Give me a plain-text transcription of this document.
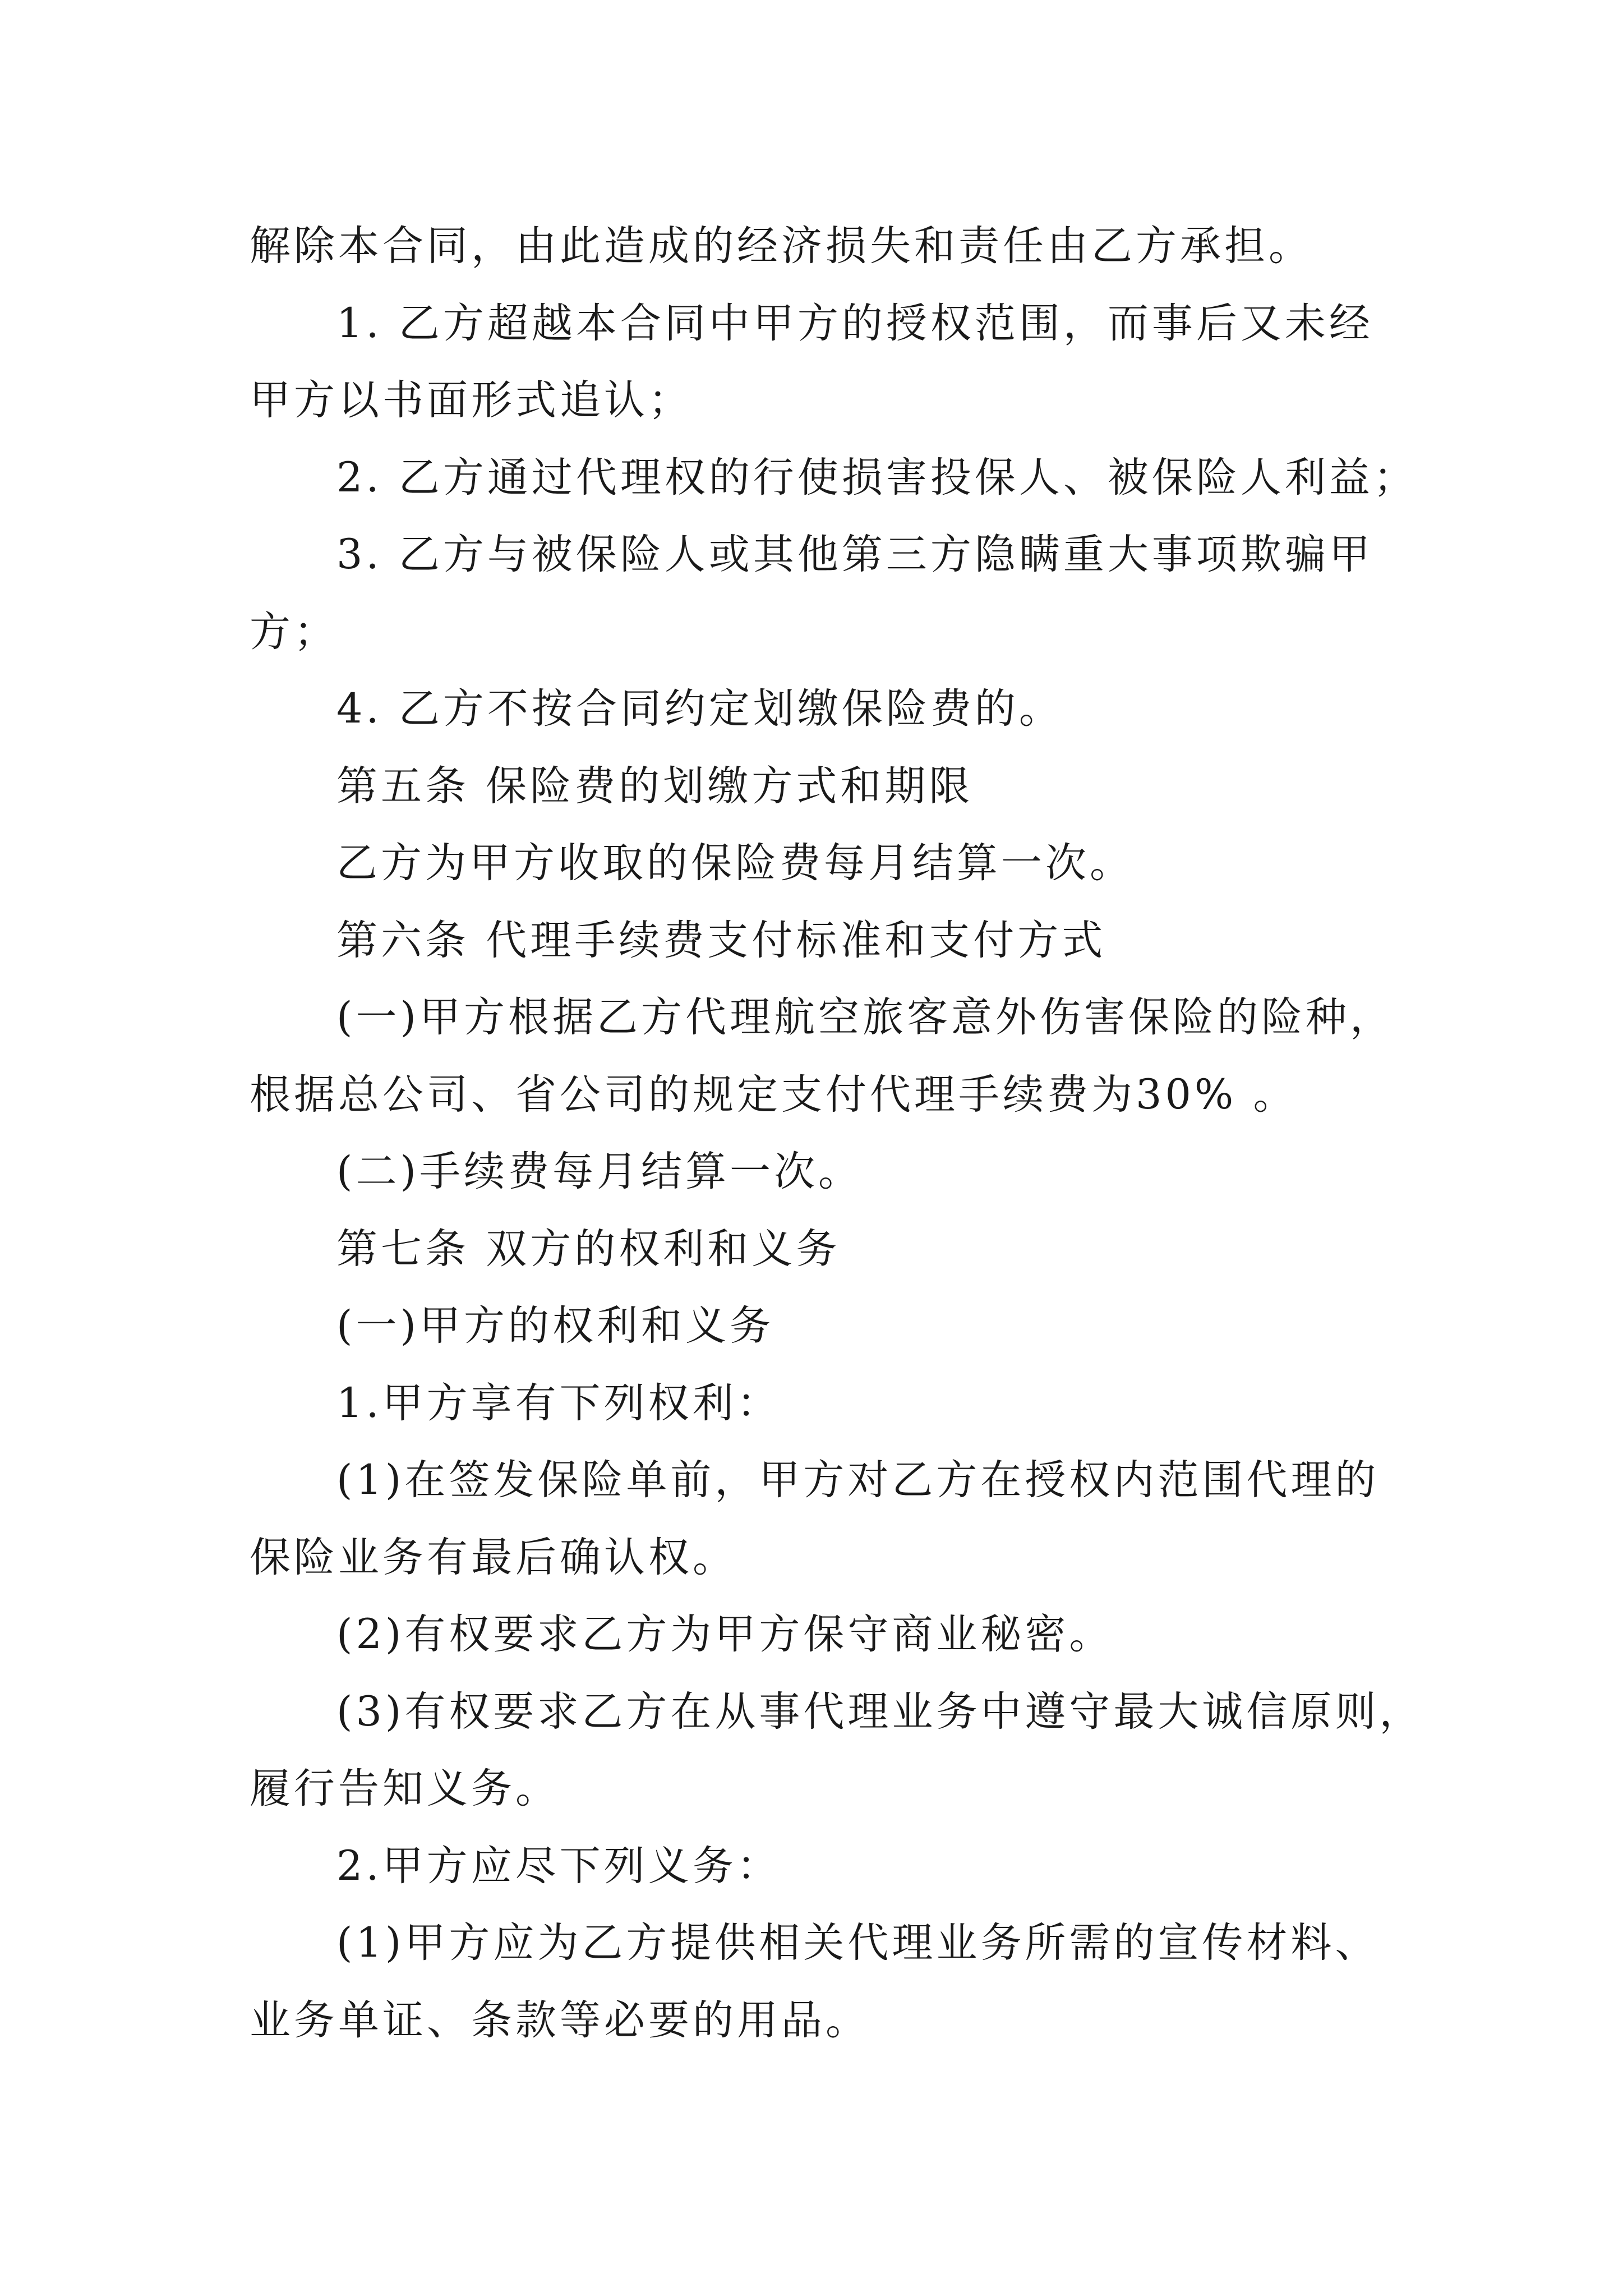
解除本合同，由此造成的经济损失和责任由乙方承担。
1. 乙方超越本合同中甲方的授权范围，而事后又未经
甲方以书面形式追认；
2. 乙方通过代理权的行使损害投保人、被保险人利益；
3. 乙方与被保险人或其他第三方隐瞒重大事项欺骗甲
方；
4. 乙方不按合同约定划缴保险费的。
第五条 保险费的划缴方式和期限
乙方为甲方收取的保险费每月结算一次。
第六条 代理手续费支付标准和支付方式
(一)甲方根据乙方代理航空旅客意外伤害保险的险种，
根据总公司、省公司的规定支付代理手续费为30% 。
(二)手续费每月结算一次。
第七条 双方的权利和义务
(一)甲方的权利和义务
1.甲方享有下列权利：
(1)在签发保险单前，甲方对乙方在授权内范围代理的
保险业务有最后确认权。
(2)有权要求乙方为甲方保守商业秘密。
(3)有权要求乙方在从事代理业务中遵守最大诚信原则，
履行告知义务。
2.甲方应尽下列义务：
(1)甲方应为乙方提供相关代理业务所需的宣传材料、
业务单证、条款等必要的用品。
